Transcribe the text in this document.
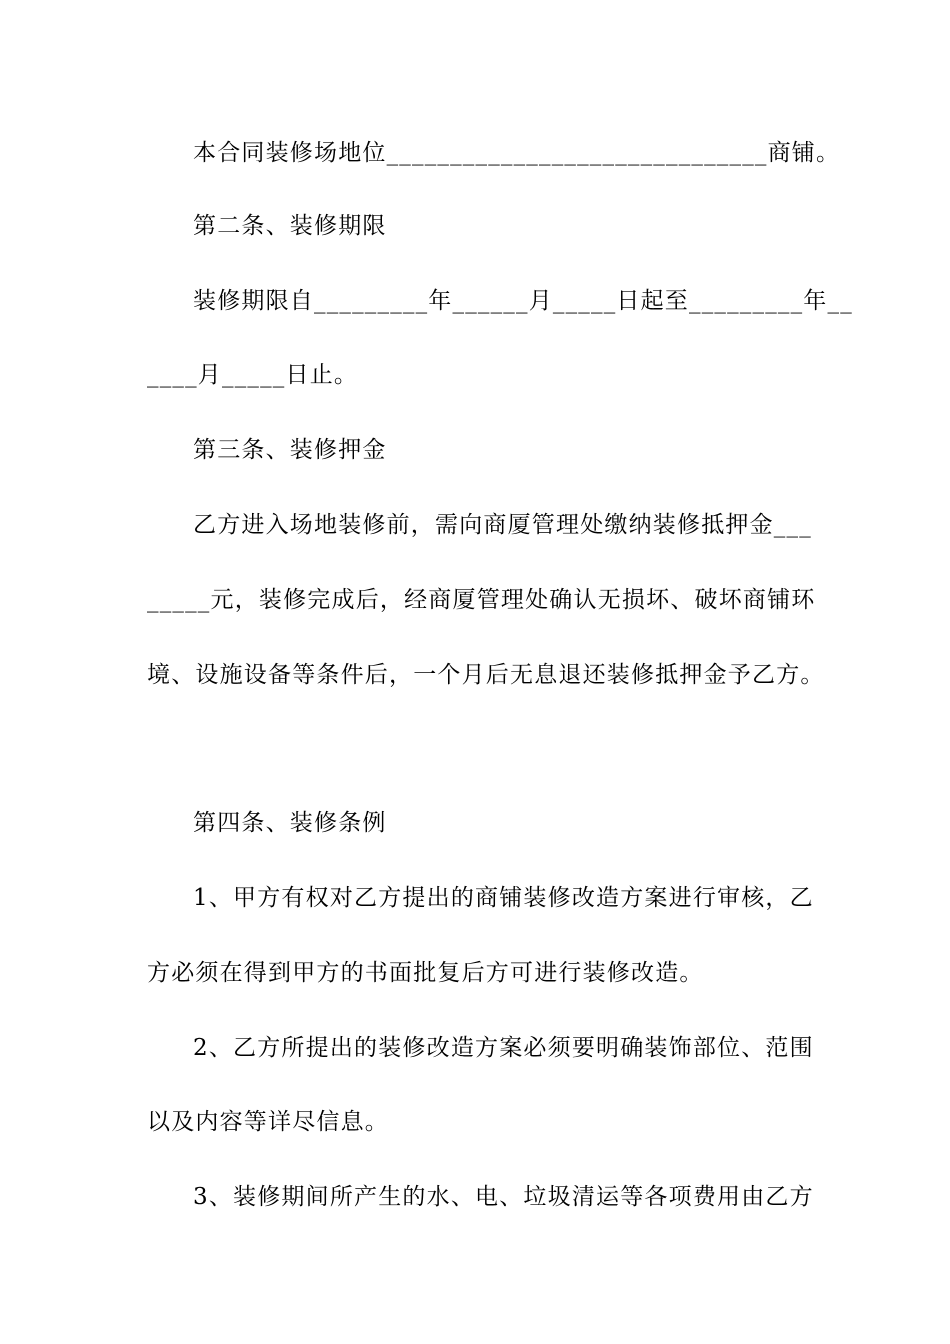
本合同装修场地位______________________________商铺。
第二条、装修期限
装修期限自_________年______月_____日起至_________年__
____月_____日止。
第三条、装修押金
乙方进入场地装修前，需向商厦管理处缴纳装修抵押金___
_____元，装修完成后，经商厦管理处确认无损坏、破坏商铺环
境、设施设备等条件后，一个月后无息退还装修抵押金予乙方。
第四条、装修条例
1、甲方有权对乙方提出的商铺装修改造方案进行审核，乙
方必须在得到甲方的书面批复后方可进行装修改造。
2、乙方所提出的装修改造方案必须要明确装饰部位、范围
以及内容等详尽信息。
3、装修期间所产生的水、电、垃圾清运等各项费用由乙方
